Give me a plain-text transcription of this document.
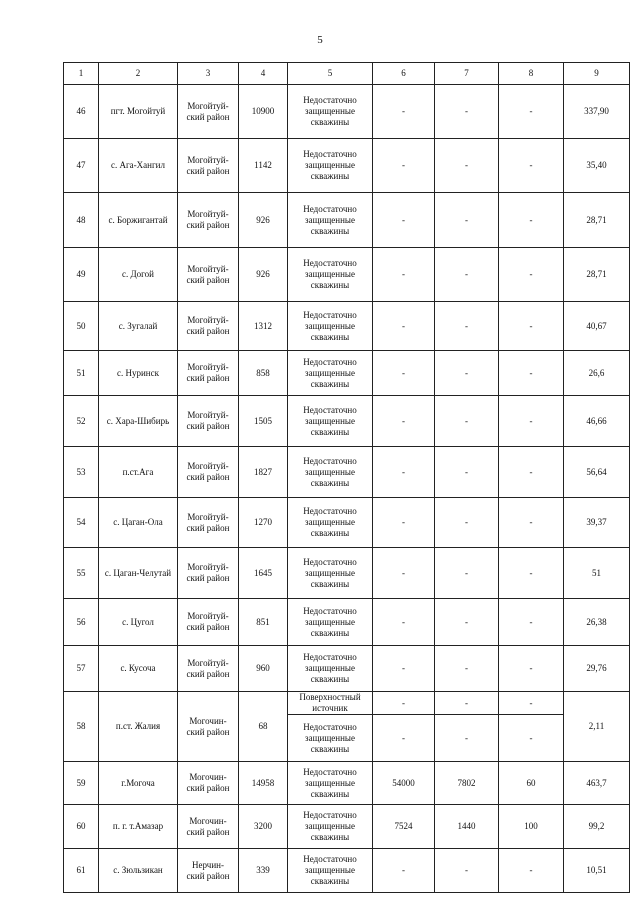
5
1	2	3	4	5	6	7	8	9
46	пгт. Могойтуй	Могойтуй-
ский район	10900	Недостаточно
защищенные
скважины	-	-	-	337,90
47	с. Ага-Хангил	Могойтуй-
ский район	1142	Недостаточно
защищенные
скважины	-	-	-	35,40
48	с. Боржигантай	Могойтуй-
ский район	926	Недостаточно
защищенные
скважины	-	-	-	28,71
49	с. Догой	Могойтуй-
ский район	926	Недостаточно
защищенные
скважины	-	-	-	28,71
50	с. Зугалай	Могойтуй-
ский район	1312	Недостаточно
защищенные
скважины	-	-	-	40,67
51	с. Нуринск	Могойтуй-
ский район	858	Недостаточно
защищенные
скважины	-	-	-	26,6
52	с. Хара-Шибирь	Могойтуй-
ский район	1505	Недостаточно
защищенные
скважины	-	-	-	46,66
53	п.ст.Ага	Могойтуй-
ский район	1827	Недостаточно
защищенные
скважины	-	-	-	56,64
54	с. Цаган-Ола	Могойтуй-
ский район	1270	Недостаточно
защищенные
скважины	-	-	-	39,37
55	с. Цаган-Челутай	Могойтуй-
ский район	1645	Недостаточно
защищенные
скважины	-	-	-	51
56	с. Цугол	Могойтуй-
ский район	851	Недостаточно
защищенные
скважины	-	-	-	26,38
57	с. Кусоча	Могойтуй-
ский район	960	Недостаточно
защищенные
скважины	-	-	-	29,76
58	п.ст. Жалия	Могочин-
ский район	68	Поверхностный
источник	-	-	-	2,11
				Недостаточно
защищенные
скважины	-	-	-	
59	г.Могоча	Могочин-
ский район	14958	Недостаточно
защищенные
скважины	54000	7802	60	463,7
60	п. г. т.Амазар	Могочин-
ский район	3200	Недостаточно
защищенные
скважины	7524	1440	100	99,2
61	с. Зюльзикан	Нерчин-
ский район	339	Недостаточно
защищенные
скважины	-	-	-	10,51
